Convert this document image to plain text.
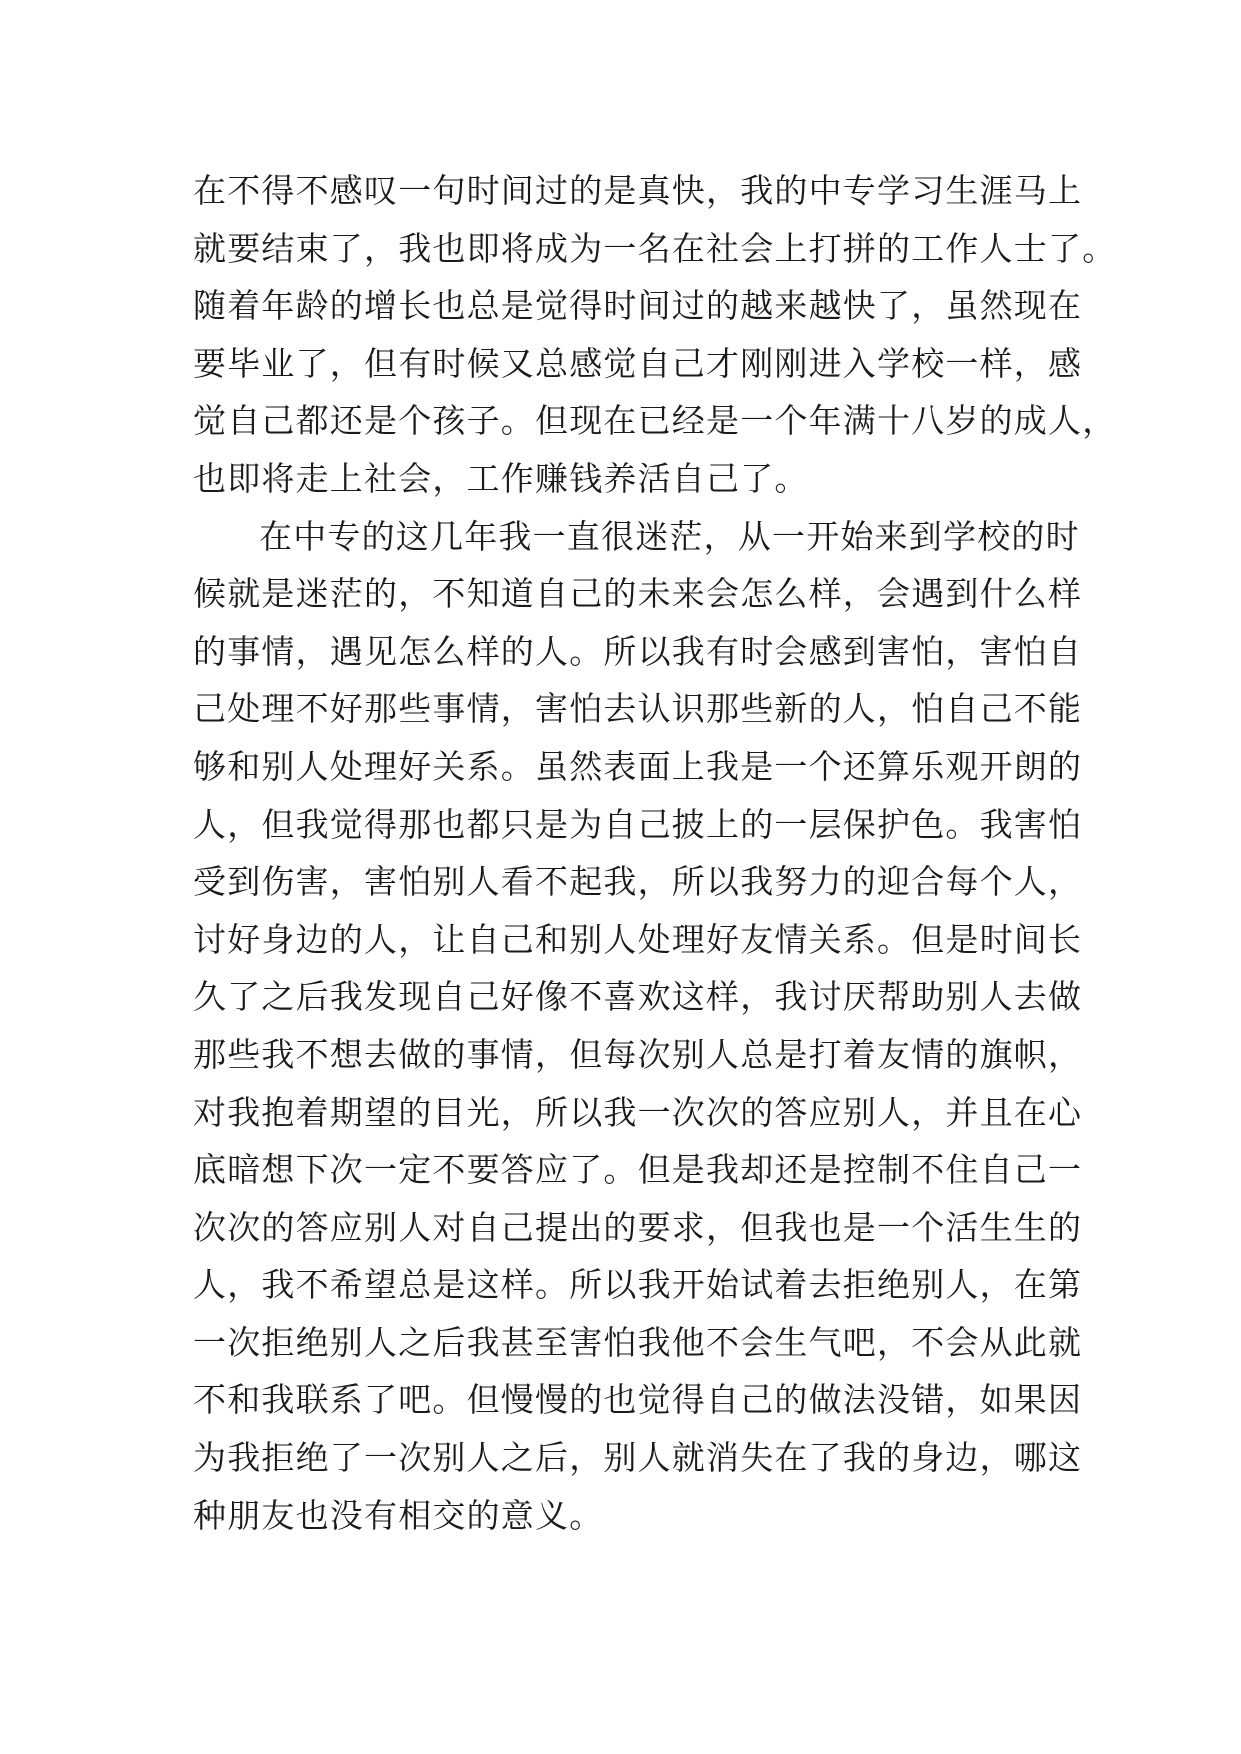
在不得不感叹一句时间过的是真快，我的中专学习生涯马上
就要结束了，我也即将成为一名在社会上打拼的工作人士了。
随着年龄的增长也总是觉得时间过的越来越快了，虽然现在
要毕业了，但有时候又总感觉自己才刚刚进入学校一样，感
觉自己都还是个孩子。但现在已经是一个年满十八岁的成人，
也即将走上社会，工作赚钱养活自己了。
在中专的这几年我一直很迷茫，从一开始来到学校的时
候就是迷茫的，不知道自己的未来会怎么样，会遇到什么样
的事情，遇见怎么样的人。所以我有时会感到害怕，害怕自
己处理不好那些事情，害怕去认识那些新的人，怕自己不能
够和别人处理好关系。虽然表面上我是一个还算乐观开朗的
人，但我觉得那也都只是为自己披上的一层保护色。我害怕
受到伤害，害怕别人看不起我，所以我努力的迎合每个人，
讨好身边的人，让自己和别人处理好友情关系。但是时间长
久了之后我发现自己好像不喜欢这样，我讨厌帮助别人去做
那些我不想去做的事情，但每次别人总是打着友情的旗帜，
对我抱着期望的目光，所以我一次次的答应别人，并且在心
底暗想下次一定不要答应了。但是我却还是控制不住自己一
次次的答应别人对自己提出的要求，但我也是一个活生生的
人，我不希望总是这样。所以我开始试着去拒绝别人，在第
一次拒绝别人之后我甚至害怕我他不会生气吧，不会从此就
不和我联系了吧。但慢慢的也觉得自己的做法没错，如果因
为我拒绝了一次别人之后，别人就消失在了我的身边，哪这
种朋友也没有相交的意义。
